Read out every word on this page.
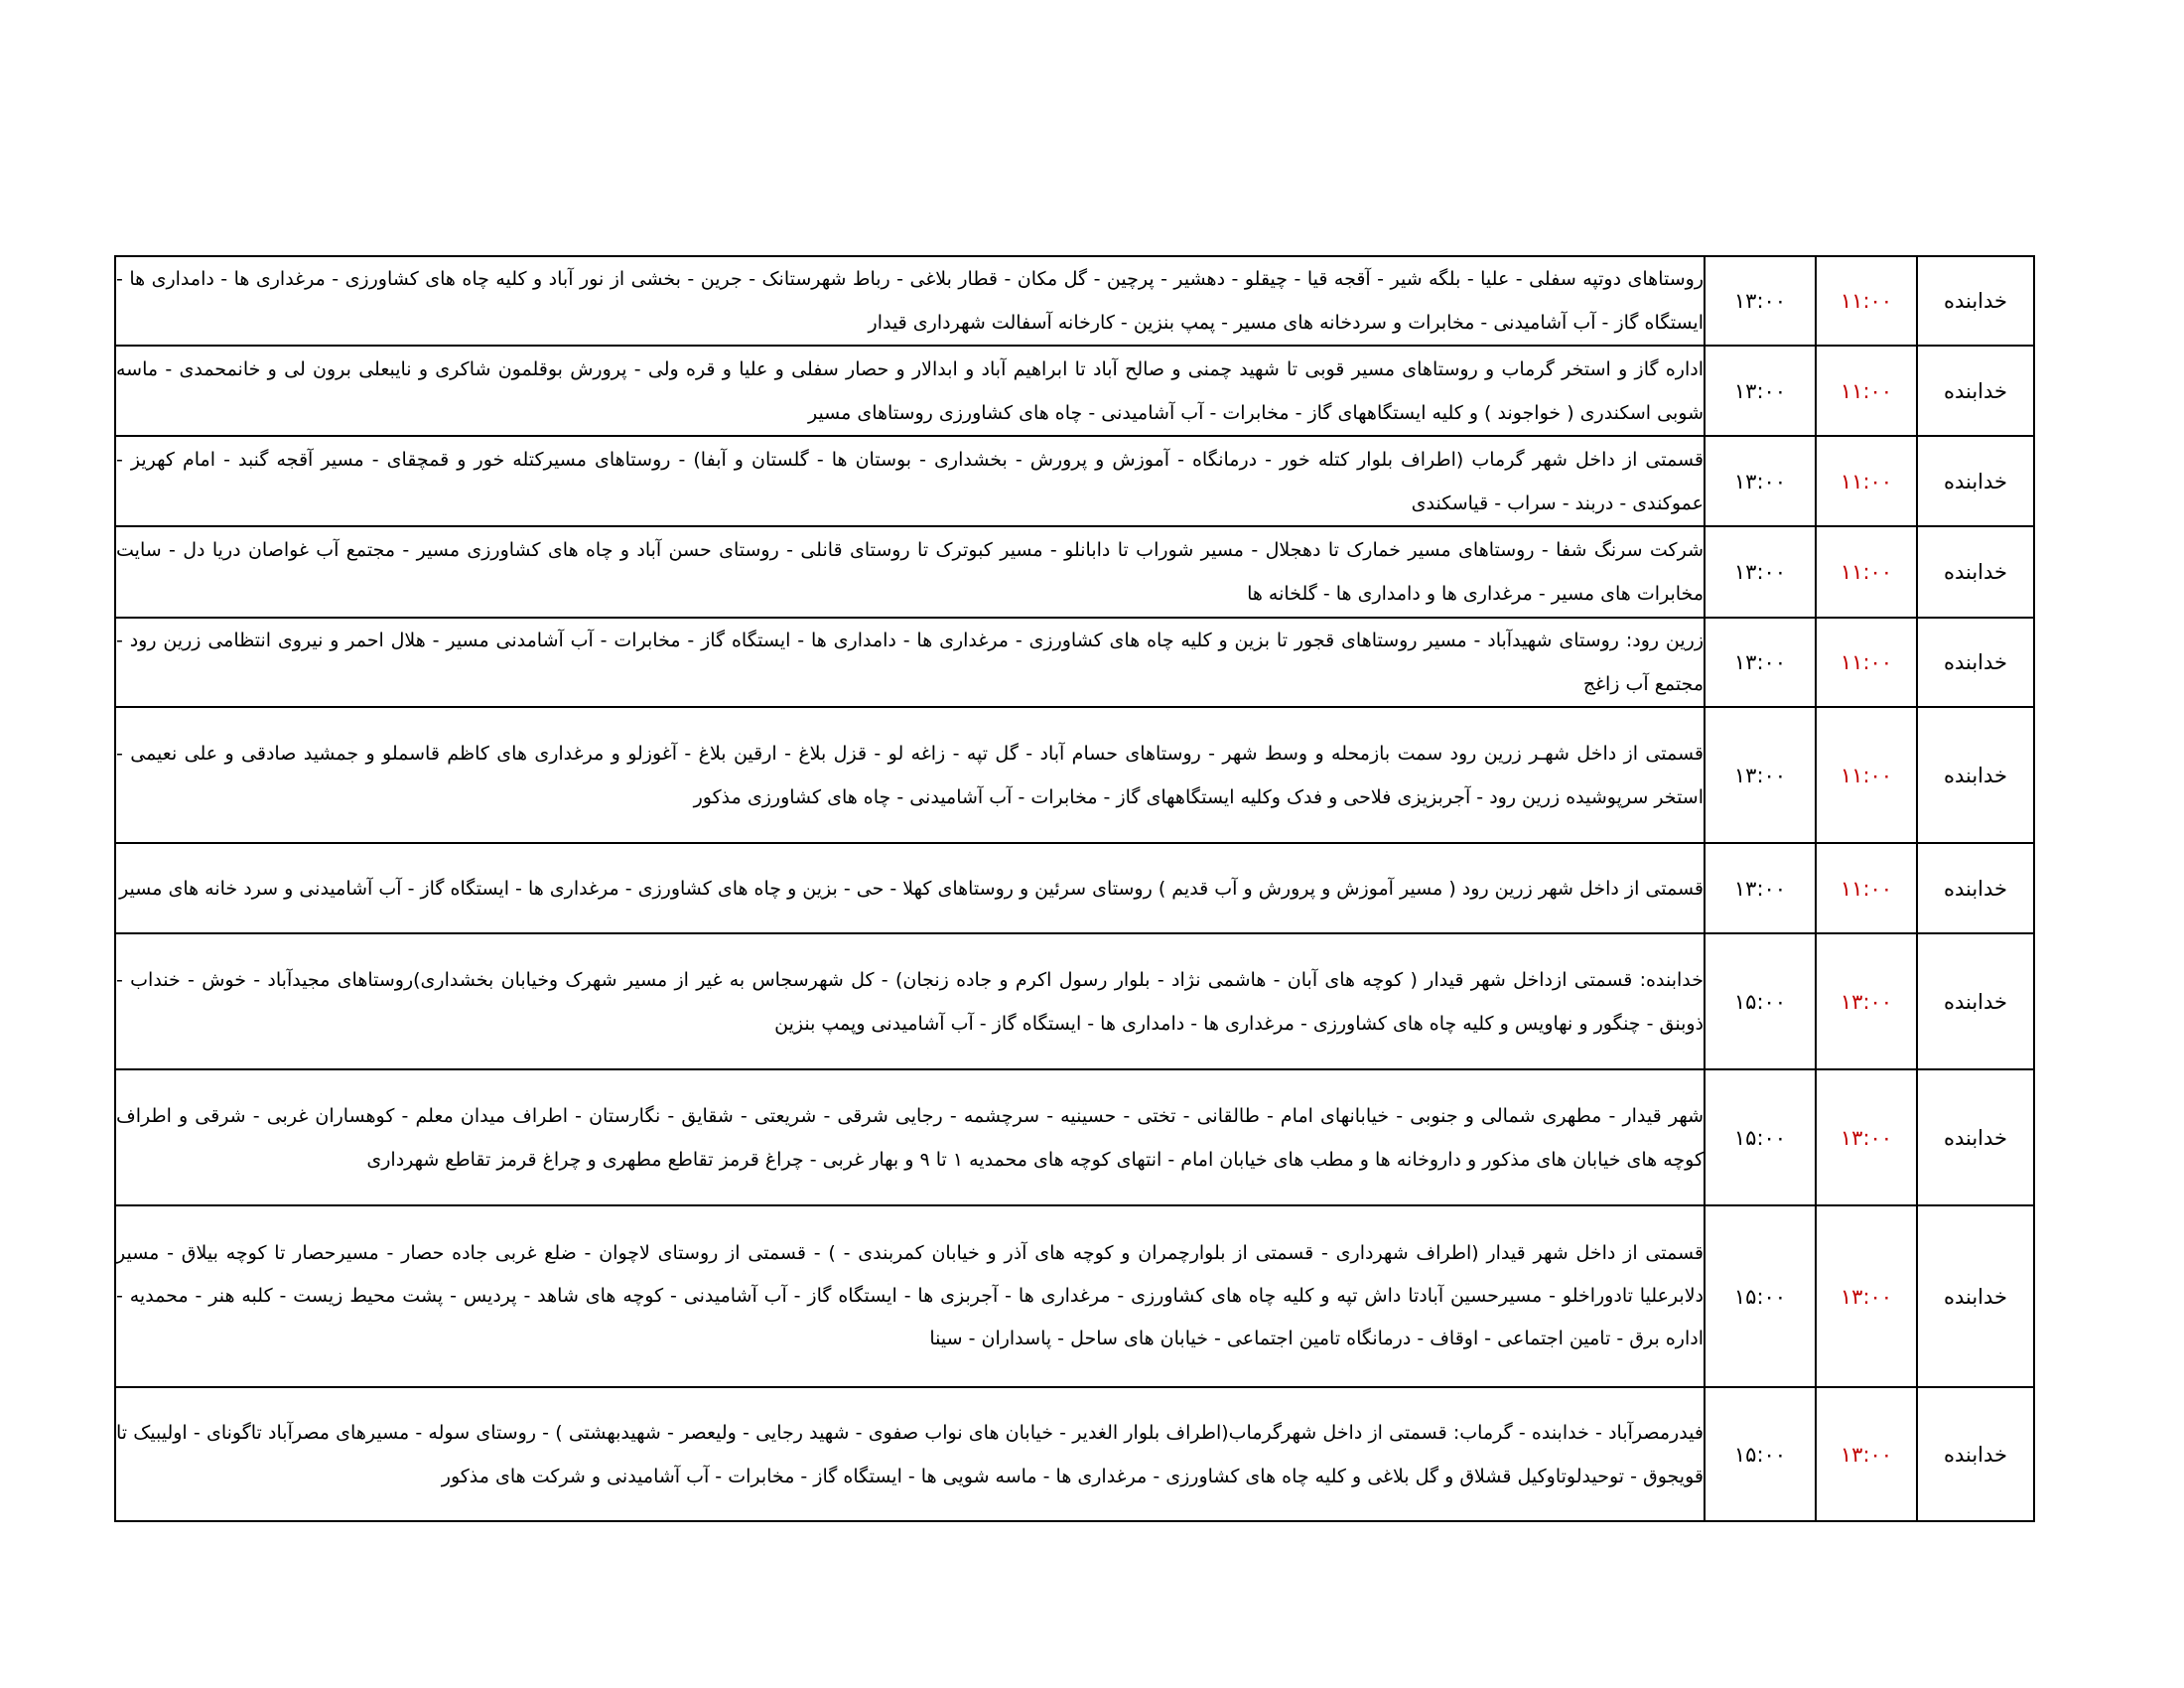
خدابنده	۱۱:۰۰	۱۳:۰۰	روستاهای دوتپه سفلی - علیا - بلگه شیر - آقجه قیا - چیقلو - دهشیر - پرچین - گل مکان - قطار بلاغی - رباط شهرستانک - جرین - بخشی از نور آباد و کلیه چاه های کشاورزی - مرغداری ها - دامداری ها - ایستگاه گاز - آب آشامیدنی - مخابرات و سردخانه های مسیر - پمپ بنزین - کارخانه آسفالت شهرداری قیدار
خدابنده	۱۱:۰۰	۱۳:۰۰	اداره گاز و استخر گرماب و روستاهای مسیر قوبی تا شهید چمنی و صالح آباد تا ابراهیم آباد و ابدالار و حصار سفلی و علیا و قره ولی - پرورش بوقلمون شاکری و نایبعلی برون لی و خانمحمدی - ماسه شوبی اسکندری ( خواجوند ) و کلیه ایستگاههای گاز - مخابرات - آب آشامیدنی - چاه های کشاورزی روستاهای مسیر
خدابنده	۱۱:۰۰	۱۳:۰۰	قسمتی از داخل شهر گرماب (اطراف بلوار کتله خور - درمانگاه - آموزش و پرورش - بخشداری - بوستان ها - گلستان و آبفا) - روستاهای مسیرکتله خور و قمچقای - مسیر آقجه گنبد - امام کهریز - عموکندی - دربند - سراب - قیاسکندی
خدابنده	۱۱:۰۰	۱۳:۰۰	شرکت سرنگ شفا - روستاهای مسیر خمارک تا دهجلال - مسیر شوراب تا دابانلو - مسیر کبوترک تا روستای قانلی - روستای حسن آباد و چاه های کشاورزی مسیر - مجتمع آب غواصان دریا دل - سایت مخابرات های مسیر - مرغداری ها و دامداری ها - گلخانه ها
خدابنده	۱۱:۰۰	۱۳:۰۰	زرین رود: روستای شهیدآباد - مسیر روستاهای قجور تا بزین و کلیه چاه های کشاورزی - مرغداری ها - دامداری ها - ایستگاه گاز - مخابرات - آب آشامدنی مسیر - هلال احمر و نیروی انتظامی زرین رود - مجتمع آب زاغج
خدابنده	۱۱:۰۰	۱۳:۰۰	قسمتی از داخل شهـر زرین رود سمت بازمحله و وسط شهر - روستاهای حسام آباد - گل تپه - زاغه لو - قزل بلاغ - ارقین بلاغ - آغوزلو و مرغداری های کاظم قاسملو و جمشید صادقی و علی نعیمی - استخر سرپوشیده زرین رود - آجربزیزی فلاحی و فدک وکلیه ایستگاههای گاز - مخابرات - آب آشامیدنی - چاه های کشاورزی مذکور
خدابنده	۱۱:۰۰	۱۳:۰۰	قسمتی از داخل شهر زرین رود ( مسیر آموزش و پرورش و آب قدیم ) روستای سرئین و روستاهای کهلا - حی - بزین و چاه های کشاورزی - مرغداری ها - ایستگاه گاز - آب آشامیدنی و سرد خانه های مسیر
خدابنده	۱۳:۰۰	۱۵:۰۰	خدابنده: قسمتی ازداخل شهر قیدار ( کوچه های آبان - هاشمی نژاد - بلوار رسول اکرم و جاده زنجان) - کل شهرسجاس به غیر از مسیر شهرک وخیابان بخشداری)روستاهای مجیدآباد - خوش - خنداب - ذوبنق - چنگور و نهاویس و کلیه چاه های کشاورزی - مرغداری ها - دامداری ها - ایستگاه گاز - آب آشامیدنی وپمپ بنزین
خدابنده	۱۳:۰۰	۱۵:۰۰	شهر قیدار - مطهری شمالی و جنوبی - خیابانهای امام - طالقانی - تختی - حسینیه - سرچشمه - رجایی شرقی - شریعتی - شقایق - نگارستان - اطراف میدان معلم - کوهساران غربی - شرقی و اطراف کوچه های خیابان های مذکور و داروخانه ها و مطب های خیابان امام - انتهای کوچه های محمدیه ۱ تا ۹ و بهار غربی - چراغ قرمز تقاطع مطهری و چراغ قرمز تقاطع شهرداری
خدابنده	۱۳:۰۰	۱۵:۰۰	قسمتی از داخل شهر قیدار (اطراف شهرداری - قسمتی از بلوارچمران و کوچه های آذر و خیابان کمربندی - ) - قسمتی از روستای لاچوان - ضلع غربی جاده حصار - مسیرحصار تا کوچه بیلاق - مسیر دلابرعلیا تادوراخلو - مسیرحسین آبادتا داش تپه و کلیه چاه های کشاورزی - مرغداری ها - آجربزی ها - ایستگاه گاز - آب آشامیدنی - کوچه های شاهد - پردیس - پشت محیط زیست - کلبه هنر - محمدیه - اداره برق - تامین اجتماعی - اوقاف - درمانگاه تامین اجتماعی - خیابان های ساحل - پاسداران - سینا
خدابنده	۱۳:۰۰	۱۵:۰۰	فیدرمصرآباد - خدابنده - گرماب: قسمتی از داخل شهرگرماب(اطراف بلوار الغدیر - خیابان های نواب صفوی - شهید رجایی - ولیعصر - شهیدبهشتی ) - روستای سوله - مسیرهای مصرآباد تاگونای - اولیبیک تا قویجوق - توحیدلوتاوکیل قشلاق و گل بلاغی و کلیه چاه های کشاورزی - مرغداری ها - ماسه شویی ها - ایستگاه گاز - مخابرات - آب آشامیدنی و شرکت های مذکور
